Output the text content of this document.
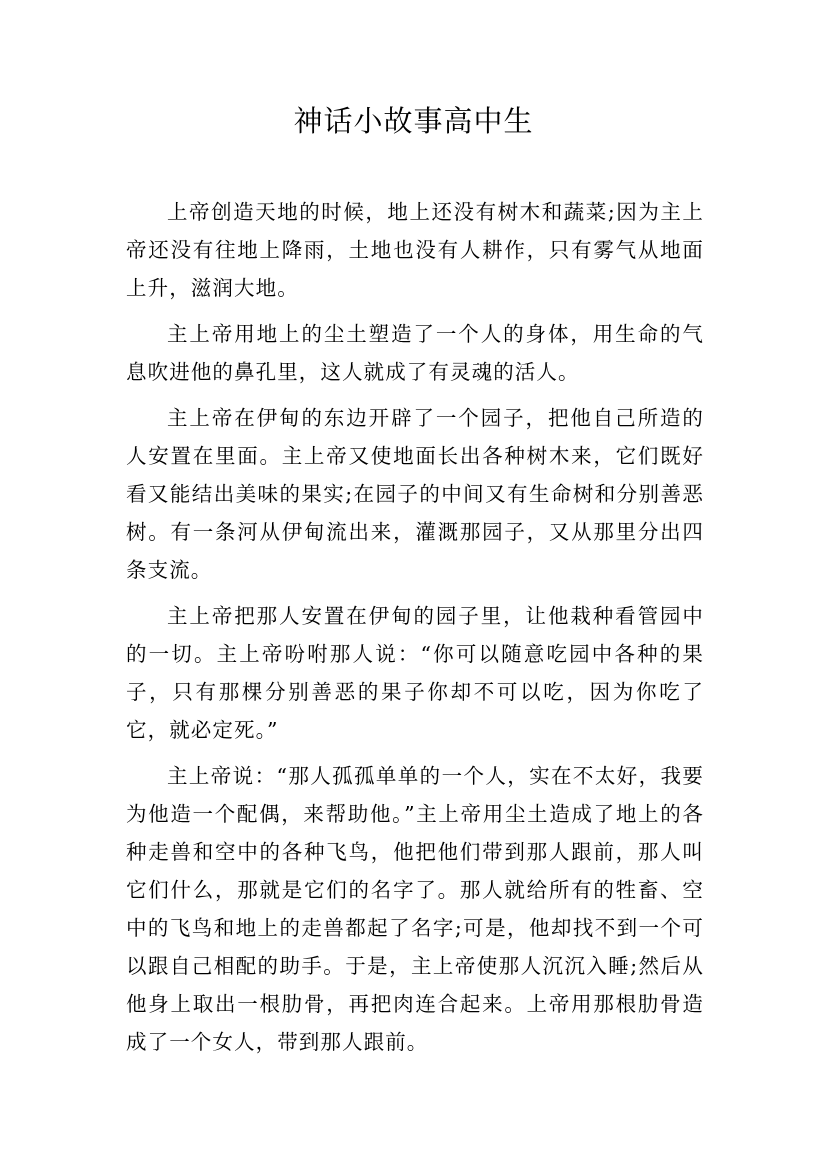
神话小故事高中生

上帝创造天地的时候，地上还没有树木和蔬菜;因为主上帝还没有往地上降雨，土地也没有人耕作，只有雾气从地面上升，滋润大地。

主上帝用地上的尘土塑造了一个人的身体，用生命的气息吹进他的鼻孔里，这人就成了有灵魂的活人。

主上帝在伊甸的东边开辟了一个园子，把他自己所造的人安置在里面。主上帝又使地面长出各种树木来，它们既好看又能结出美味的果实;在园子的中间又有生命树和分别善恶树。有一条河从伊甸流出来，灌溉那园子，又从那里分出四条支流。

主上帝把那人安置在伊甸的园子里，让他栽种看管园中的一切。主上帝吩咐那人说：“你可以随意吃园中各种的果子，只有那棵分别善恶的果子你却不可以吃，因为你吃了它，就必定死。”

主上帝说：“那人孤孤单单的一个人，实在不太好，我要为他造一个配偶，来帮助他。”主上帝用尘土造成了地上的各种走兽和空中的各种飞鸟，他把他们带到那人跟前，那人叫它们什么，那就是它们的名字了。那人就给所有的牲畜、空中的飞鸟和地上的走兽都起了名字;可是，他却找不到一个可以跟自己相配的助手。于是，主上帝使那人沉沉入睡;然后从他身上取出一根肋骨，再把肉连合起来。上帝用那根肋骨造成了一个女人，带到那人跟前。
